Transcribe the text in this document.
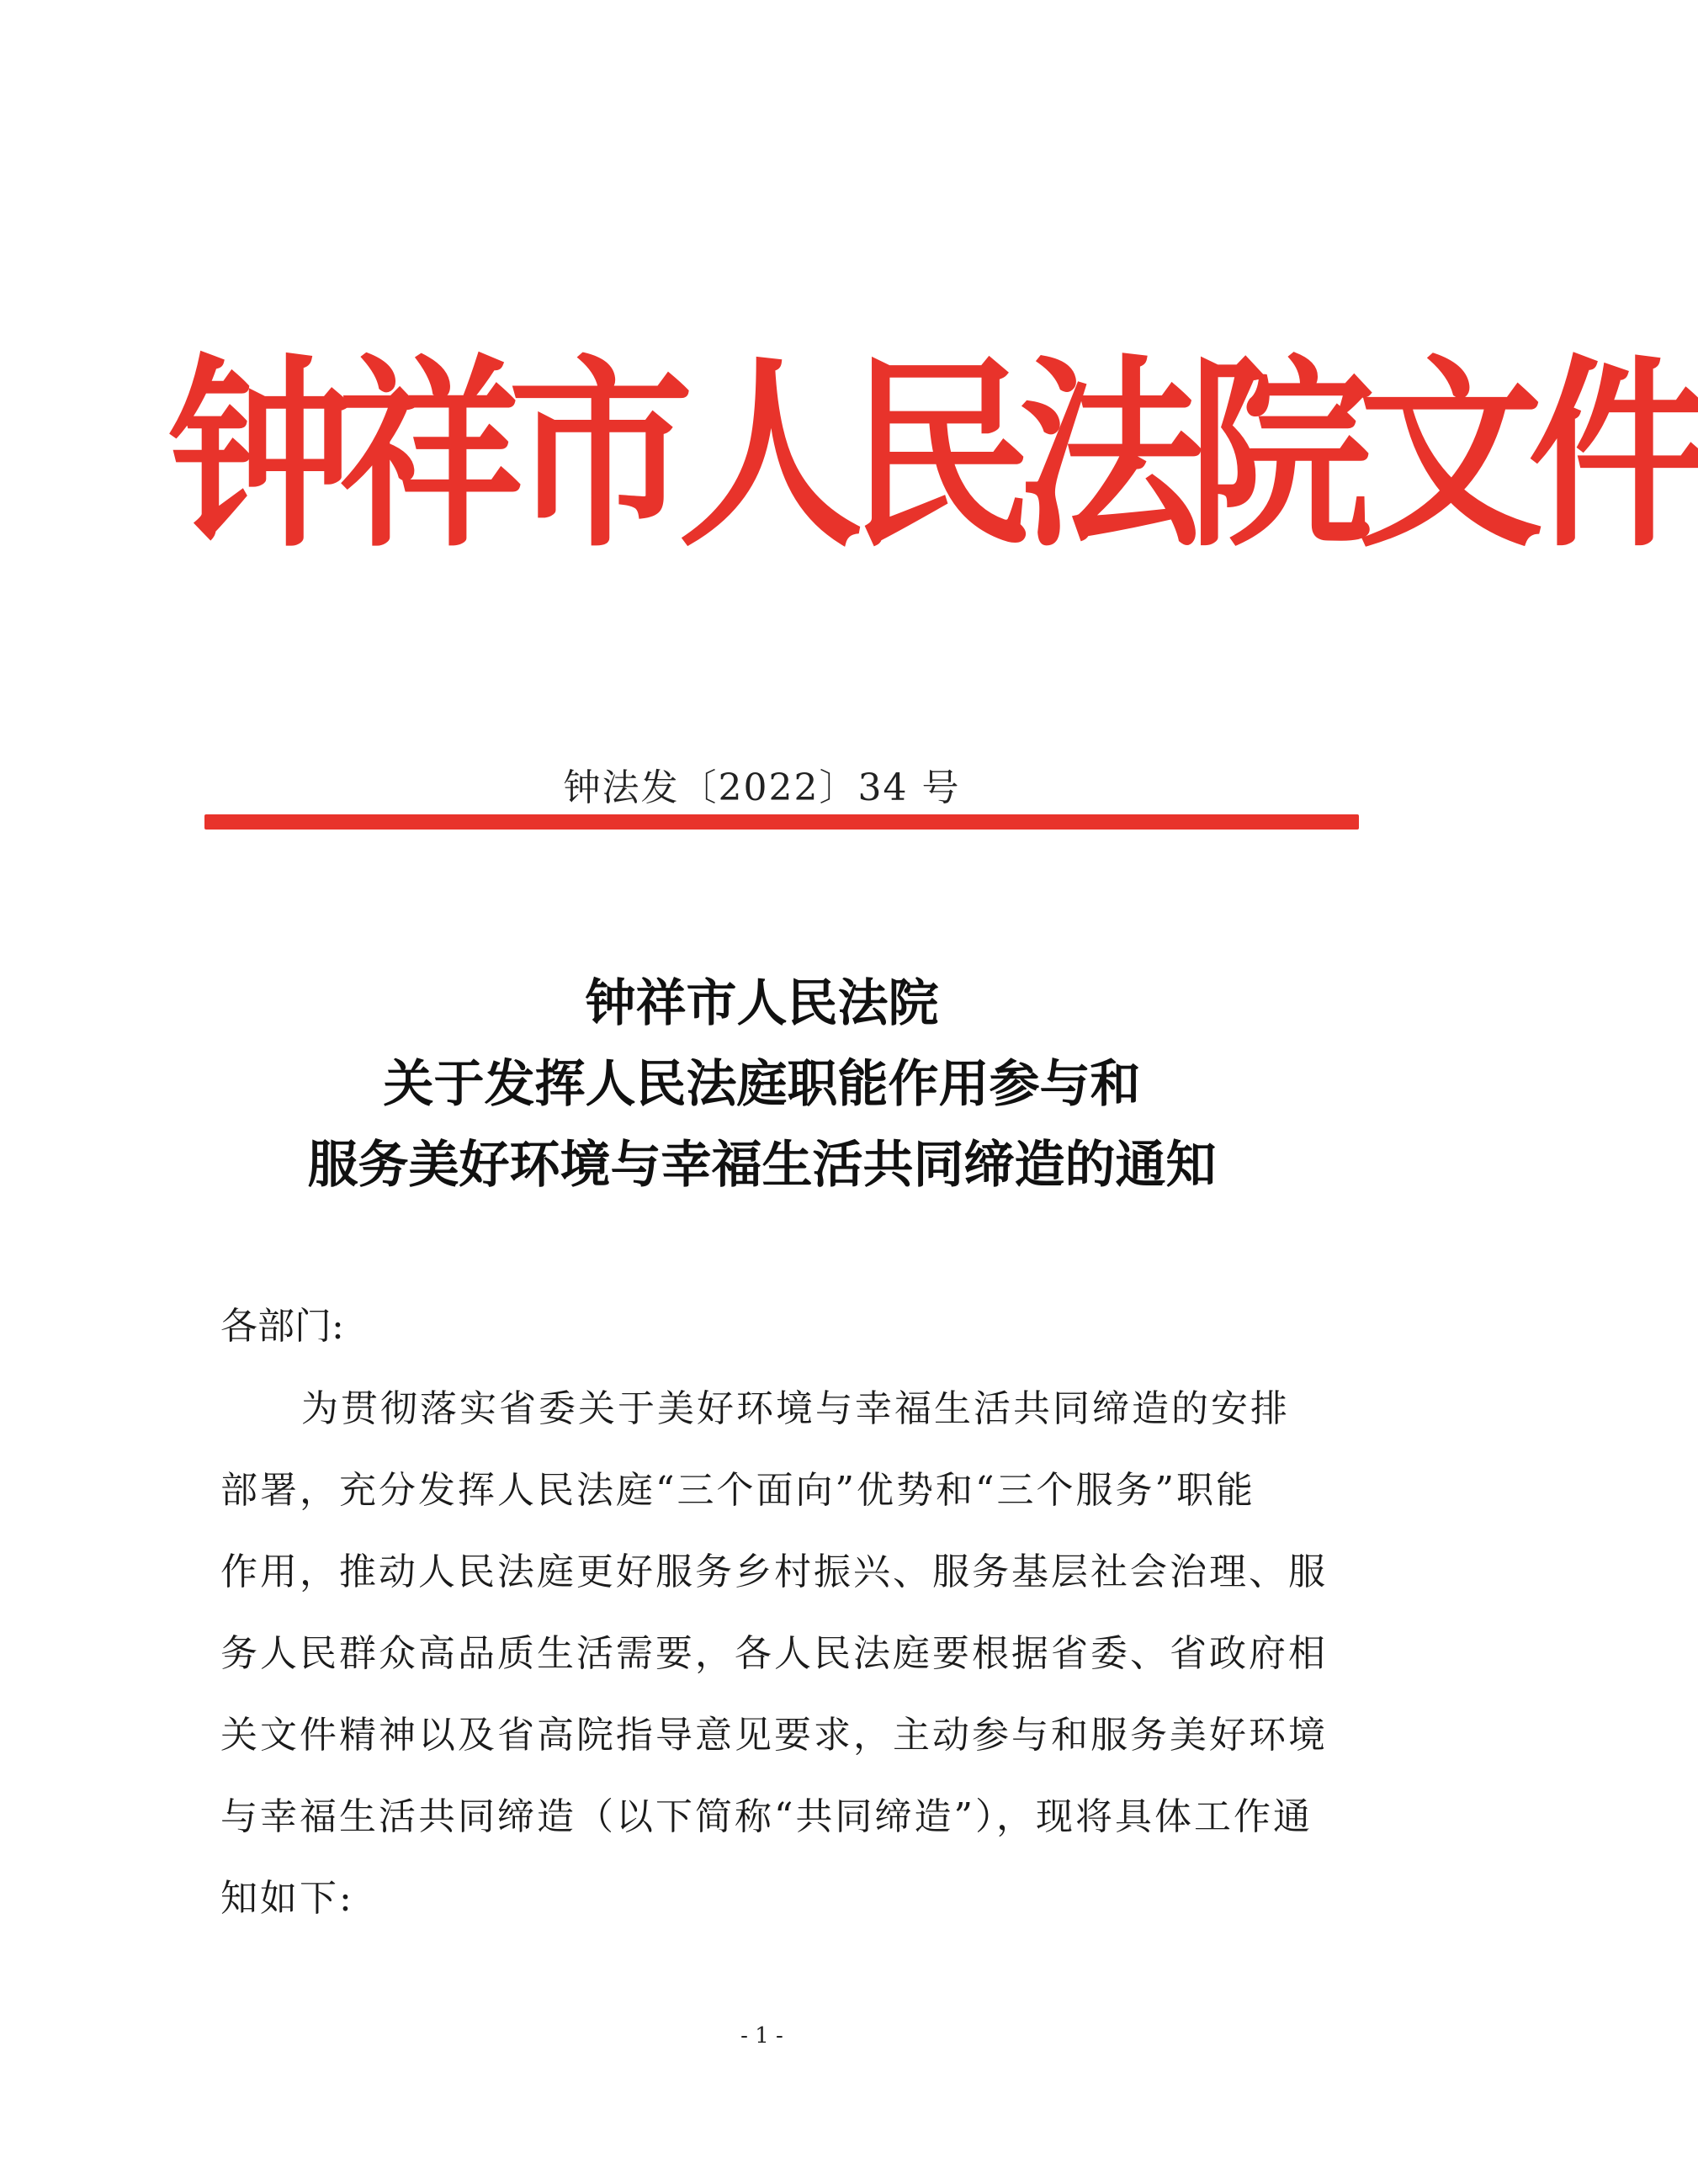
钟祥市人民法院文件
钟法发〔2022〕34 号
钟祥市人民法院
关于发挥人民法庭职能作用参与和
服务美好环境与幸福生活共同缔造的通知
各部门:
为贯彻落实省委关于美好环境与幸福生活共同缔造的安排
部署，充分发挥人民法庭“三个面向”优势和“三个服务”职能
作用，推动人民法庭更好服务乡村振兴、服务基层社会治理、服
务人民群众高品质生活需要，各人民法庭要根据省委、省政府相
关文件精神以及省高院指导意见要求，主动参与和服务美好环境
与幸福生活共同缔造（以下简称“共同缔造”），现将具体工作通
知如下:
- 1 -
